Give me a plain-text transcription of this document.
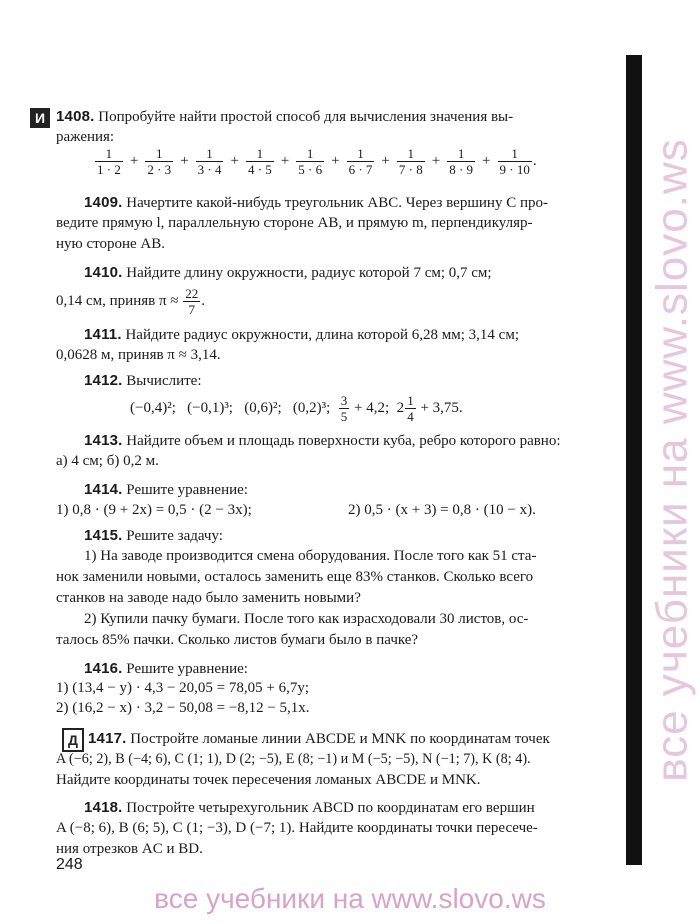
все учебники на www.slovo.ws
И 1408. Попробуйте найти простой способ для вычисления значения вы-
ражения:
$\frac{1}{1 \cdot 2} + \frac{1}{2 \cdot 3} + \frac{1}{3 \cdot 4} + \frac{1}{4 \cdot 5} + \frac{1}{5 \cdot 6} + \frac{1}{6 \cdot 7} + \frac{1}{7 \cdot 8} + \frac{1}{8 \cdot 9} + \frac{1}{9 \cdot 10}$ .
1409. Начертите какой-нибудь треугольник ABC. Через вершину C про-
ведите прямую l, параллельную стороне AB, и прямую m, перпендикуляр-
ную стороне AB.
1410. Найдите длину окружности, радиус которой 7 см; 0,7 см;
0,14 см, приняв $\pi \approx \frac{22}{7}$ .
1411. Найдите радиус окружности, длина которой 6,28 мм; 3,14 см;
0,0628 м, приняв π ≈ 3,14.
1412. Вычислите:
(−0,4)²;   (−0,1)³;   (0,6)²;   (0,2)³; $\frac{3}{5} + 4,2$;  $2 \frac{1}{4} + 3,75$.
1413. Найдите объем и площадь поверхности куба, ребро которого равно:
а) 4 см; б) 0,2 м.
1414. Решите уравнение:
1) 0,8 · (9 + 2x) = 0,5 · (2 − 3x);	2) 0,5 · (x + 3) = 0,8 · (10 − x).
1415. Решите задачу:
1) На заводе производится смена оборудования. После того как 51 ста-
нок заменили новыми, осталось заменить еще 83% станков. Сколько всего
станков на заводе надо было заменить новыми?
2) Купили пачку бумаги. После того как израсходовали 30 листов, ос-
талось 85% пачки. Сколько листов бумаги было в пачке?
1416. Решите уравнение:
1) (13,4 − y) · 4,3 − 20,05 = 78,05 + 6,7y;
2) (16,2 − x) · 3,2 − 50,08 = −8,12 − 5,1x.
Д 1417. Постройте ломаные линии ABCDE и MNK по координатам точек
A (−6; 2), B (−4; 6), C (1; 1), D (2; −5), E (8; −1) и M (−5; −5), N (−1; 7), K (8; 4).
Найдите координаты точек пересечения ломаных ABCDE и MNK.
1418. Постройте четырехугольник ABCD по координатам его вершин
A (−8; 6), B (6; 5), C (1; −3), D (−7; 1). Найдите координаты точки пересече-
ния отрезков AC и BD.
248
все учебники на www.slovo.ws
